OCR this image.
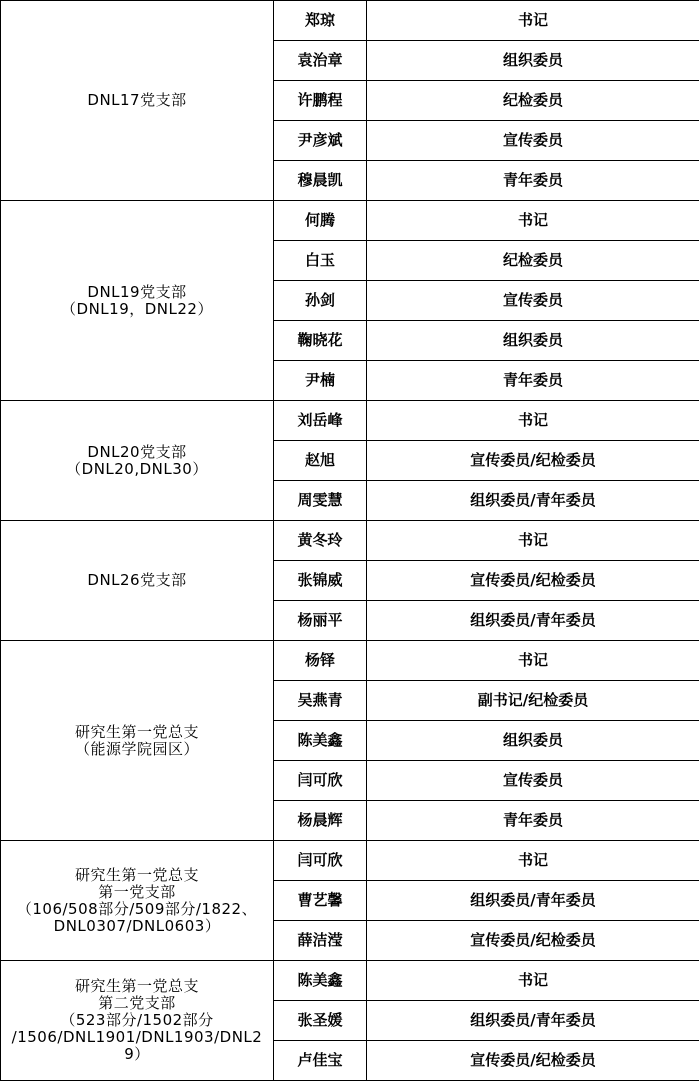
DNL17党支部	郑琼	书记
	袁治章	组织委员
	许鹏程	纪检委员
	尹彦斌	宣传委员
	穆晨凯	青年委员
DNL19党支部
（DNL19，DNL22）	何腾	书记
	白玉	纪检委员
	孙剑	宣传委员
	鞠晓花	组织委员
	尹楠	青年委员
DNL20党支部
（DNL20,DNL30）	刘岳峰	书记
	赵旭	宣传委员/纪检委员
	周雯慧	组织委员/青年委员
DNL26党支部	黄冬玲	书记
	张锦威	宣传委员/纪检委员
	杨丽平	组织委员/青年委员
研究生第一党总支
（能源学院园区）	杨铎	书记
	吴燕青	副书记/纪检委员
	陈美鑫	组织委员
	闫可欣	宣传委员
	杨晨辉	青年委员
研究生第一党总支
第一党支部
（106/508部分/509部分/1822、
DNL0307/DNL0603）	闫可欣	书记
	曹艺馨	组织委员/青年委员
	薛洁滢	宣传委员/纪检委员
研究生第一党总支
第二党支部
（523部分/1502部分
/1506/DNL1901/DNL1903/DNL2
9）	陈美鑫	书记
	张圣媛	组织委员/青年委员
	卢佳宝	宣传委员/纪检委员
